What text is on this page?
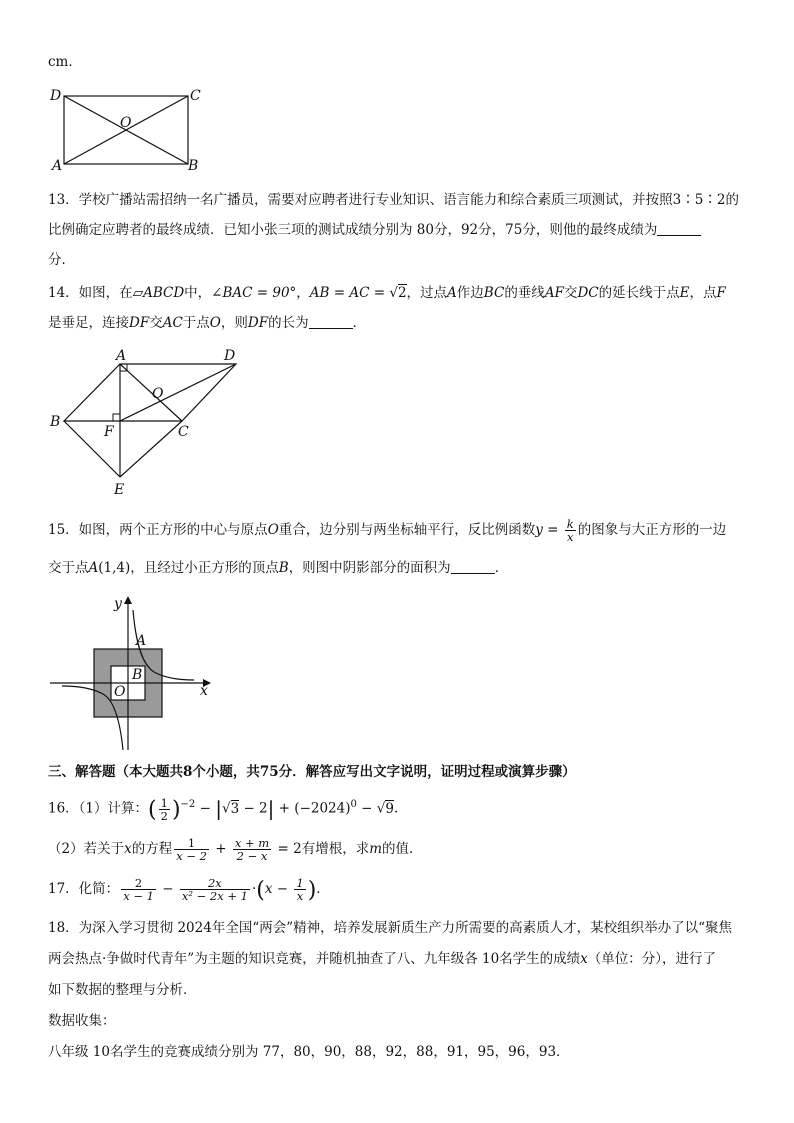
cm．
D	C
O
A	B
13．学校广播站需招纳一名广播员，需要对应聘者进行专业知识、语言能力和综合素质三项测试，并按照3∶5∶2的
比例确定应聘者的最终成绩．已知小张三项的测试成绩分别为 80分，92分，75分，则他的最终成绩为
分．
14．如图，在▱ABCD中，∠BAC = 90°，AB = AC = √2，过点A作边BC的垂线AF交DC的延长线于点E，点F
是垂足，连接DF交AC于点O，则DF的长为	．
A	D
O
B
F	C
E
15．如图，两个正方形的中心与原点O重合，边分别与两坐标轴平行，反比例函数$y = \frac{k}{x}$ 的图象与大正方形的一边
交于点A(1,4)，且经过小正方形的顶点B，则图中阴影部分的面积为	．
y
x
A
B
O
三、解答题（本大题共8个小题，共75分．解答应写出文字说明，证明过程或演算步骤）
16．（1）计算：( $\frac{1}{2} )^{-2} - |√3 - 2| + (-2024)^0 - √9$．
（2）若关于x的方程 $\frac{1}{x - 2} + \frac{x + m}{2 - x} = 2$有增根，求m的值．
17．化简： $\frac{2}{x - 1} - \frac{2x}{\text{x² − 2x + 1}} \cdot(x - \frac{1}{x}$ )．
18．为深入学习贯彻 2024年全国“两会”精神，培养发展新质生产力所需要的高素质人才，某校组织举办了以“聚焦
两会热点·争做时代青年”为主题的知识竞赛，并随机抽查了八、九年级各 10名学生的成绩x（单位：分），进行了
如下数据的整理与分析．
数据收集：
八年级 10名学生的竞赛成绩分别为 77，80，90，88，92，88，91，95，96，93．
